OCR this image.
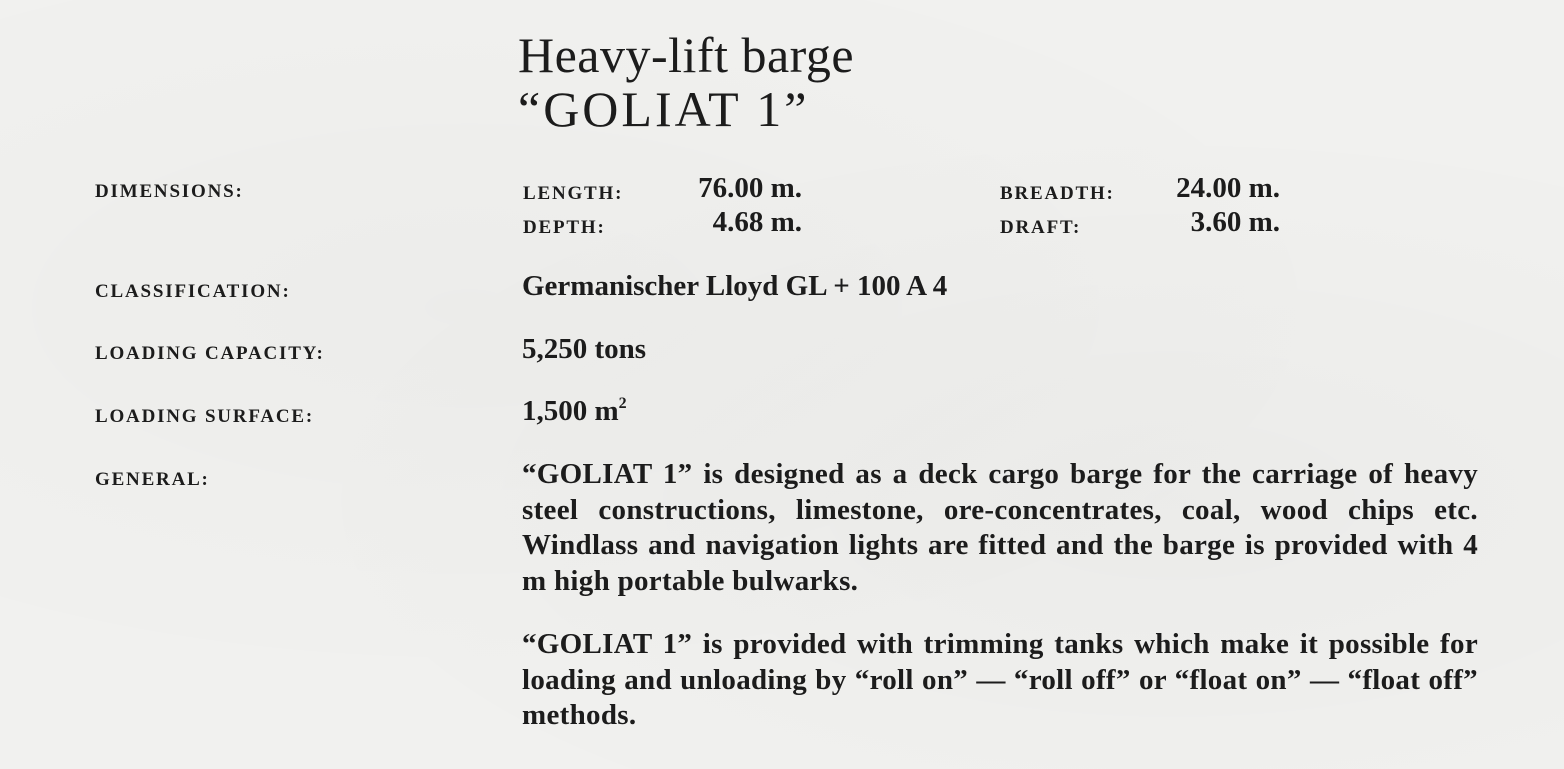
Heavy-lift barge
“GOLIAT 1”
DIMENSIONS:	LENGTH:	76.00 m.	BREADTH:	24.00 m.
DEPTH:	4.68 m.	DRAFT:	3.60 m.
CLASSIFICATION:	Germanischer Lloyd GL + 100 A 4
LOADING CAPACITY:	5,250 tons
LOADING SURFACE:	1,500 $m^2$
GENERAL:	“GOLIAT 1” is designed as a deck cargo barge for the carriage of heavy steel constructions, limestone, ore-concentrates, coal, wood chips etc. Windlass and navigation lights are fitted and the barge is provided with 4 m high portable bulwarks.

“GOLIAT 1” is provided with trimming tanks which make it possible for loading and unloading by “roll on” — “roll off” or “float on” — “float off” methods.
